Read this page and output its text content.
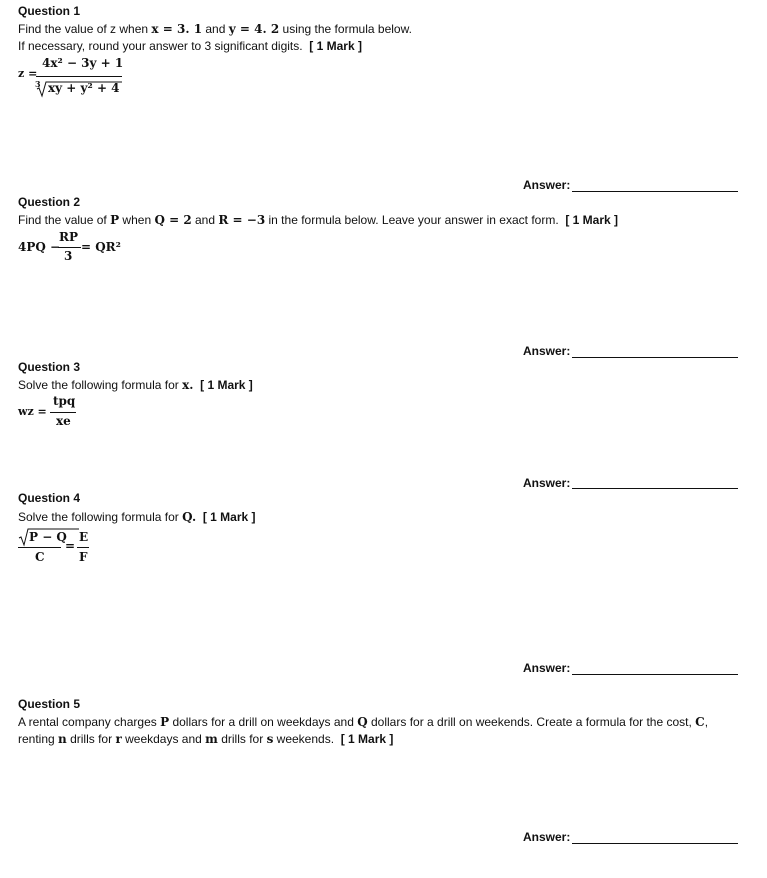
Question 1
Find the value of z when x = 3. 1 and y = 4. 2 using the formula below.
If necessary, round your answer to 3 significant digits. [ 1 Mark ]
z =
4x² − 3y + 1
3 xy + y² + 4
Answer:
Question 2
Find the value of P when Q = 2 and R = −3 in the formula below. Leave your answer in exact form. [ 1 Mark ]
4PQ −
RP
3
= QR²
Answer:
Question 3
Solve the following formula for x. [ 1 Mark ]
wz =
tpq
xe
Answer:
Question 4
Solve the following formula for Q. [ 1 Mark ]
P − Q
C
=
E
F
Answer:
Question 5
A rental company charges P dollars for a drill on weekdays and Q dollars for a drill on weekends. Create a formula for the cost, C,
renting n drills for r weekdays and m drills for s weekends. [ 1 Mark ]
Answer:
